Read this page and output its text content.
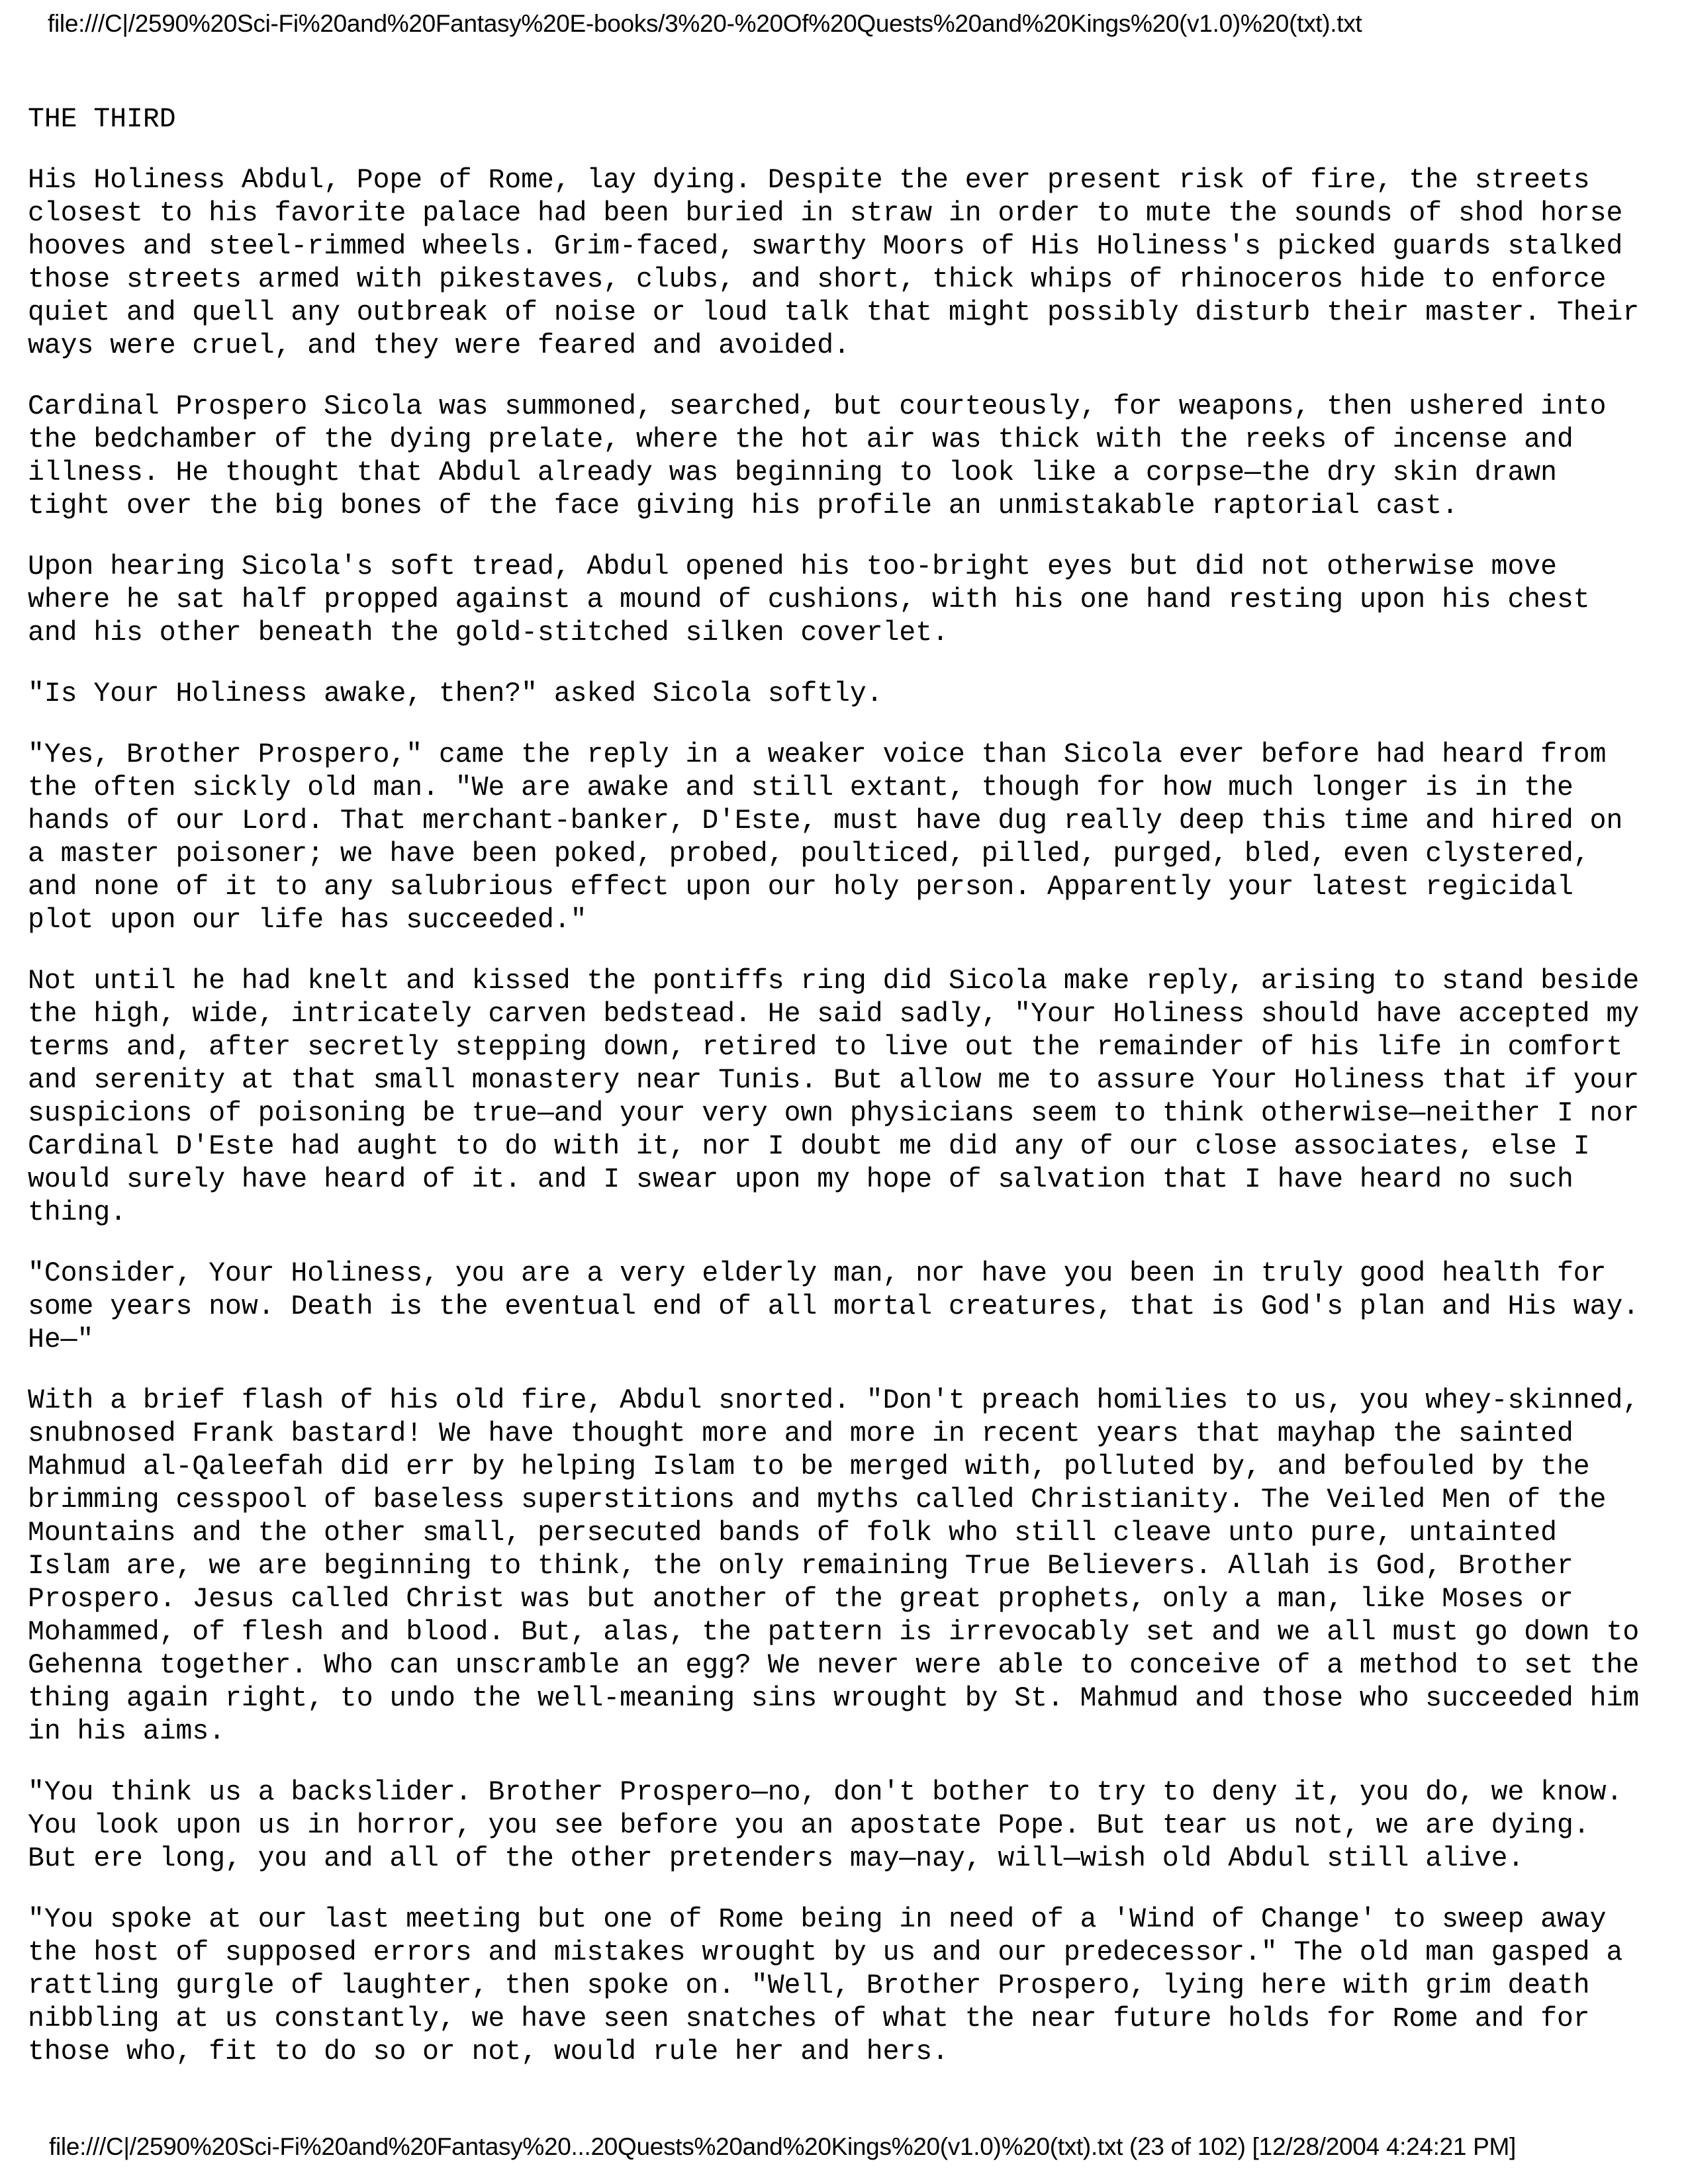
file:///C|/2590%20Sci-Fi%20and%20Fantasy%20E-books/3%20-%20Of%20Quests%20and%20Kings%20(v1.0)%20(txt).txt
THE THIRD
His Holiness Abdul, Pope of Rome, lay dying. Despite the ever present risk of fire, the streets
closest to his favorite palace had been buried in straw in order to mute the sounds of shod horse
hooves and steel-rimmed wheels. Grim-faced, swarthy Moors of His Holiness's picked guards stalked
those streets armed with pikestaves, clubs, and short, thick whips of rhinoceros hide to enforce
quiet and quell any outbreak of noise or loud talk that might possibly disturb their master. Their
ways were cruel, and they were feared and avoided.
Cardinal Prospero Sicola was summoned, searched, but courteously, for weapons, then ushered into
the bedchamber of the dying prelate, where the hot air was thick with the reeks of incense and
illness. He thought that Abdul already was beginning to look like a corpse—the dry skin drawn
tight over the big bones of the face giving his profile an unmistakable raptorial cast.
Upon hearing Sicola's soft tread, Abdul opened his too-bright eyes but did not otherwise move
where he sat half propped against a mound of cushions, with his one hand resting upon his chest
and his other beneath the gold-stitched silken coverlet.
"Is Your Holiness awake, then?" asked Sicola softly.
"Yes, Brother Prospero," came the reply in a weaker voice than Sicola ever before had heard from
the often sickly old man. "We are awake and still extant, though for how much longer is in the
hands of our Lord. That merchant-banker, D'Este, must have dug really deep this time and hired on
a master poisoner; we have been poked, probed, poulticed, pilled, purged, bled, even clystered,
and none of it to any salubrious effect upon our holy person. Apparently your latest regicidal
plot upon our life has succeeded."
Not until he had knelt and kissed the pontiffs ring did Sicola make reply, arising to stand beside
the high, wide, intricately carven bedstead. He said sadly, "Your Holiness should have accepted my
terms and, after secretly stepping down, retired to live out the remainder of his life in comfort
and serenity at that small monastery near Tunis. But allow me to assure Your Holiness that if your
suspicions of poisoning be true—and your very own physicians seem to think otherwise—neither I nor
Cardinal D'Este had aught to do with it, nor I doubt me did any of our close associates, else I
would surely have heard of it. and I swear upon my hope of salvation that I have heard no such
thing.
"Consider, Your Holiness, you are a very elderly man, nor have you been in truly good health for
some years now. Death is the eventual end of all mortal creatures, that is God's plan and His way.
He—"
With a brief flash of his old fire, Abdul snorted. "Don't preach homilies to us, you whey-skinned,
snubnosed Frank bastard! We have thought more and more in recent years that mayhap the sainted
Mahmud al-Qaleefah did err by helping Islam to be merged with, polluted by, and befouled by the
brimming cesspool of baseless superstitions and myths called Christianity. The Veiled Men of the
Mountains and the other small, persecuted bands of folk who still cleave unto pure, untainted
Islam are, we are beginning to think, the only remaining True Believers. Allah is God, Brother
Prospero. Jesus called Christ was but another of the great prophets, only a man, like Moses or
Mohammed, of flesh and blood. But, alas, the pattern is irrevocably set and we all must go down to
Gehenna together. Who can unscramble an egg? We never were able to conceive of a method to set the
thing again right, to undo the well-meaning sins wrought by St. Mahmud and those who succeeded him
in his aims.
"You think us a backslider. Brother Prospero—no, don't bother to try to deny it, you do, we know.
You look upon us in horror, you see before you an apostate Pope. But tear us not, we are dying.
But ere long, you and all of the other pretenders may—nay, will—wish old Abdul still alive.
"You spoke at our last meeting but one of Rome being in need of a 'Wind of Change' to sweep away
the host of supposed errors and mistakes wrought by us and our predecessor." The old man gasped a
rattling gurgle of laughter, then spoke on. "Well, Brother Prospero, lying here with grim death
nibbling at us constantly, we have seen snatches of what the near future holds for Rome and for
those who, fit to do so or not, would rule her and hers.
file:///C|/2590%20Sci-Fi%20and%20Fantasy%20...20Quests%20and%20Kings%20(v1.0)%20(txt).txt (23 of 102) [12/28/2004 4:24:21 PM]
